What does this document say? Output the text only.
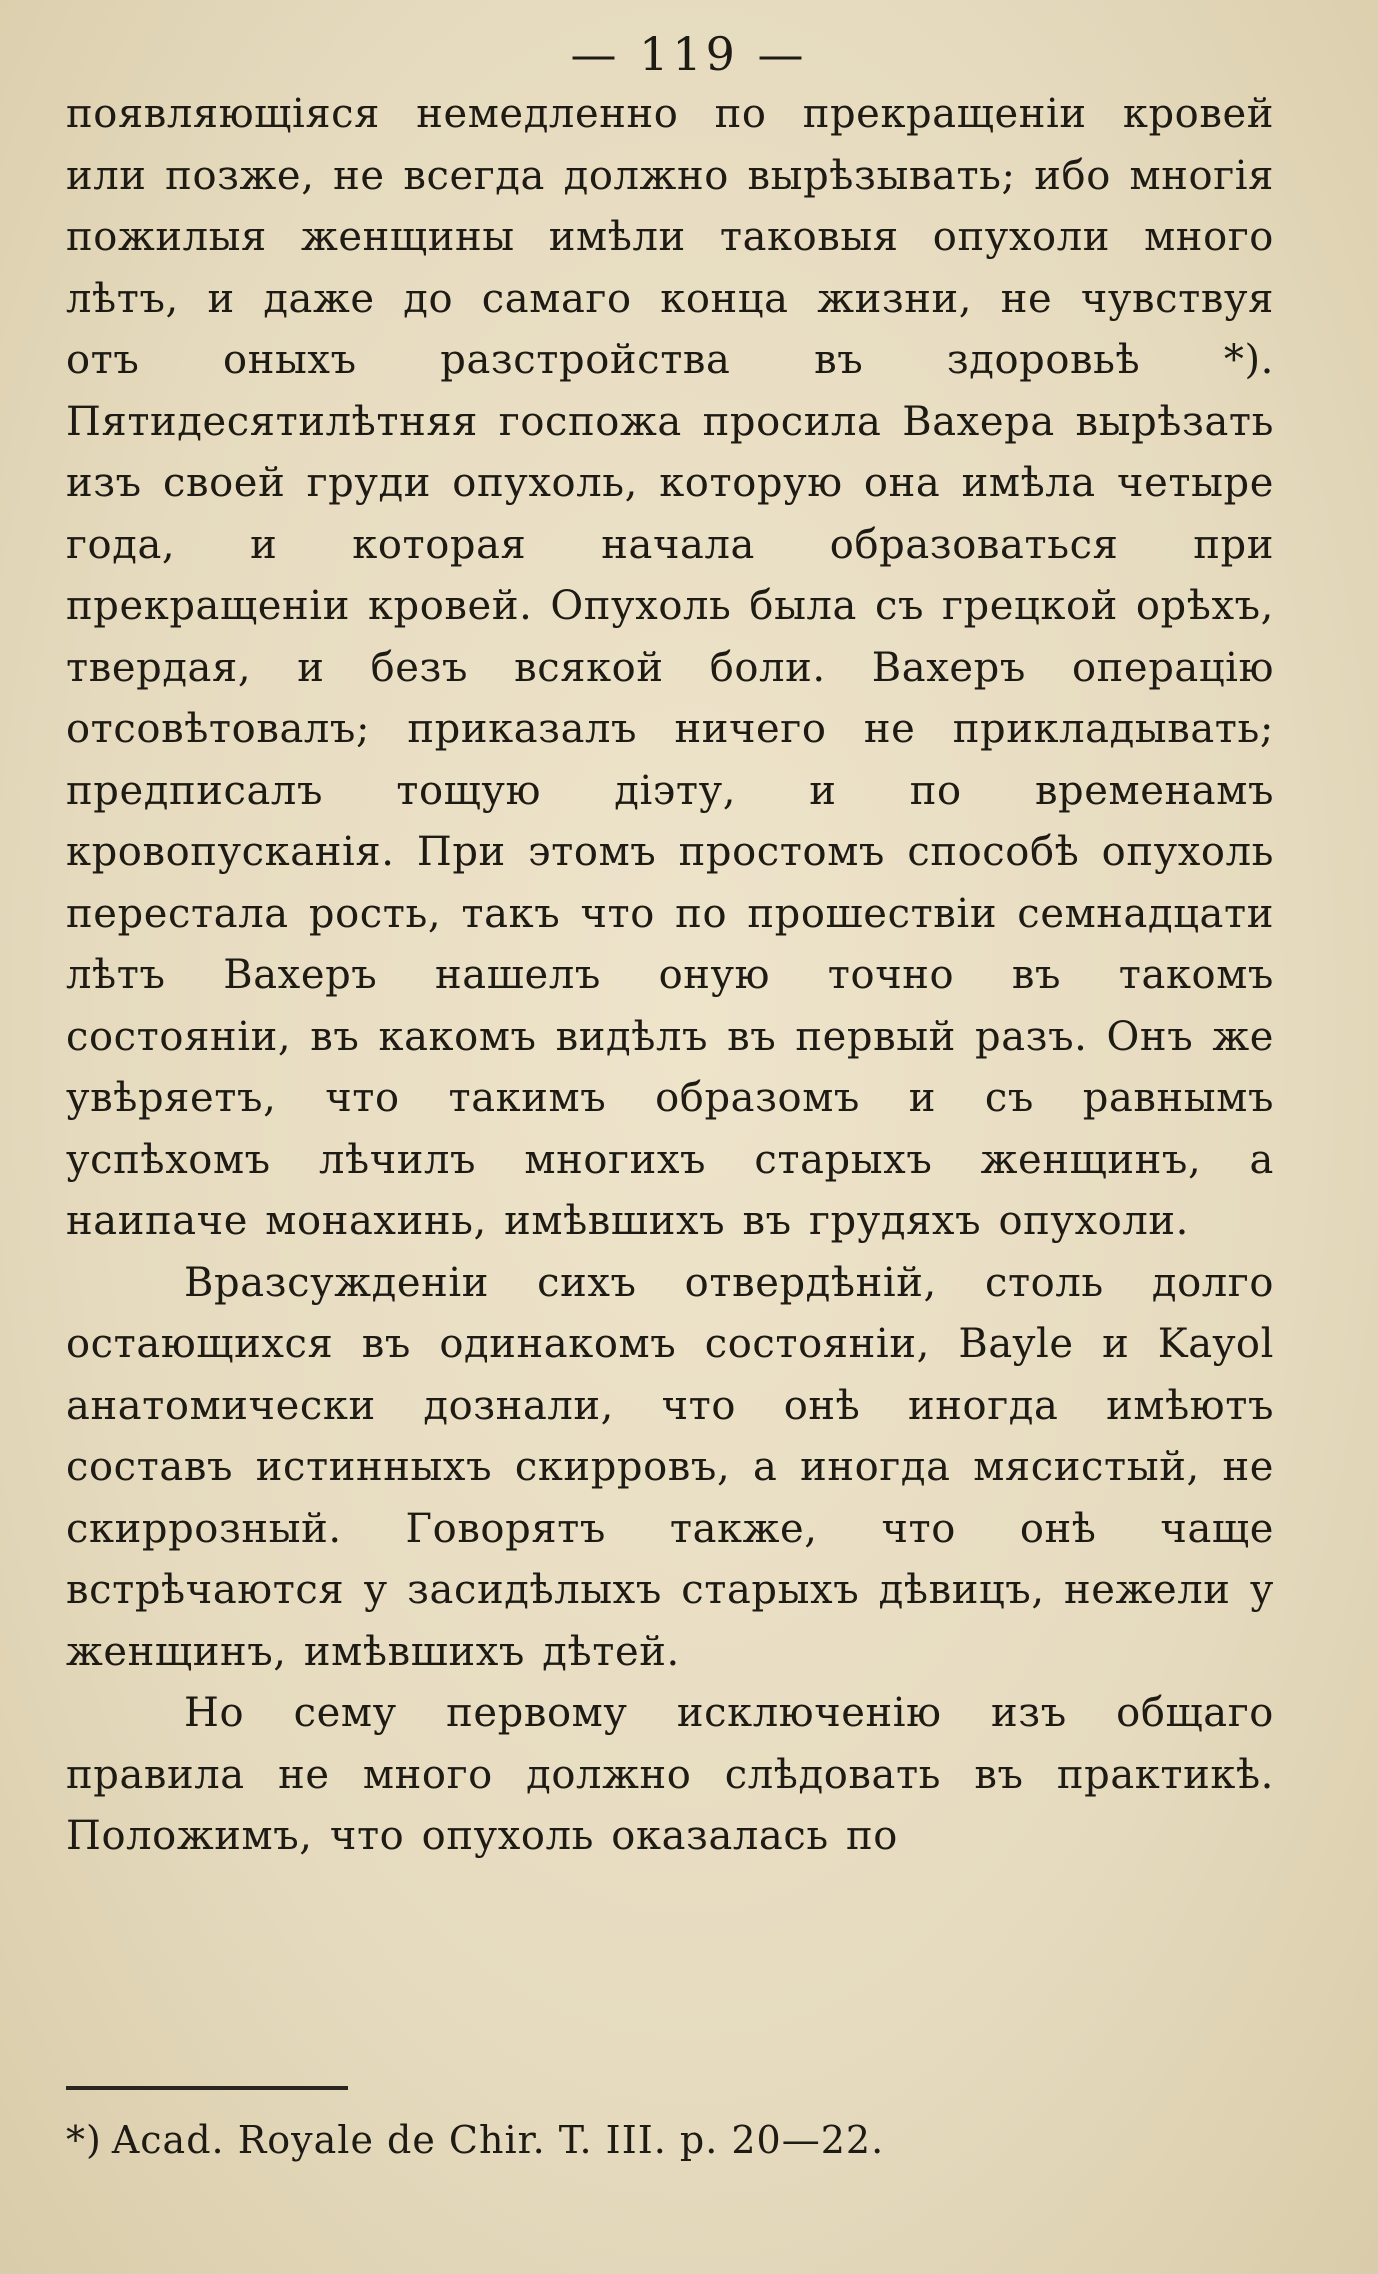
— 119 —

появляющіяся немедленно по прекращеніи кровей или позже, не всегда должно вырѣзывать; ибо многія пожилыя женщины имѣли таковыя опухоли много лѣтъ, и даже до самаго конца жизни, не чувствуя отъ оныхъ разстройства въ здоровьѣ *). Пятидесятилѣтняя госпожа просила Вахера вырѣзать изъ своей груди опухоль, которую она имѣла четыре года, и которая начала образоваться при прекращеніи кровей. Опухоль была съ грецкой орѣхъ, твердая, и безъ всякой боли. Вахеръ операцію отсовѣтовалъ; приказалъ ничего не прикладывать; предписалъ тощую діэту, и по временамъ кровопусканія. При этомъ простомъ способѣ опухоль перестала рость, такъ что по прошествіи семнадцати лѣтъ Вахеръ нашелъ оную точно въ такомъ состояніи, въ какомъ видѣлъ въ первый разъ. Онъ же увѣряетъ, что такимъ образомъ и съ равнымъ успѣхомъ лѣчилъ многихъ старыхъ женщинъ, а наипаче монахинь, имѣвшихъ въ грудяхъ опухоли.

Вразсужденіи сихъ отвердѣній, столь долго остающихся въ одинакомъ состояніи, Bayle и Kayol анатомически дознали, что онѣ иногда имѣютъ составъ истинныхъ скирровъ, а иногда мясистый, не скиррозный. Говорятъ также, что онѣ чаще встрѣчаются у засидѣлыхъ старыхъ дѣвицъ, нежели у женщинъ, имѣвшихъ дѣтей.

Но сему первому исключенію изъ общаго правила не много должно слѣдовать въ практикѣ. Положимъ, что опухоль оказалась по

*) Acad. Royale de Chir. T. III. p. 20—22.
